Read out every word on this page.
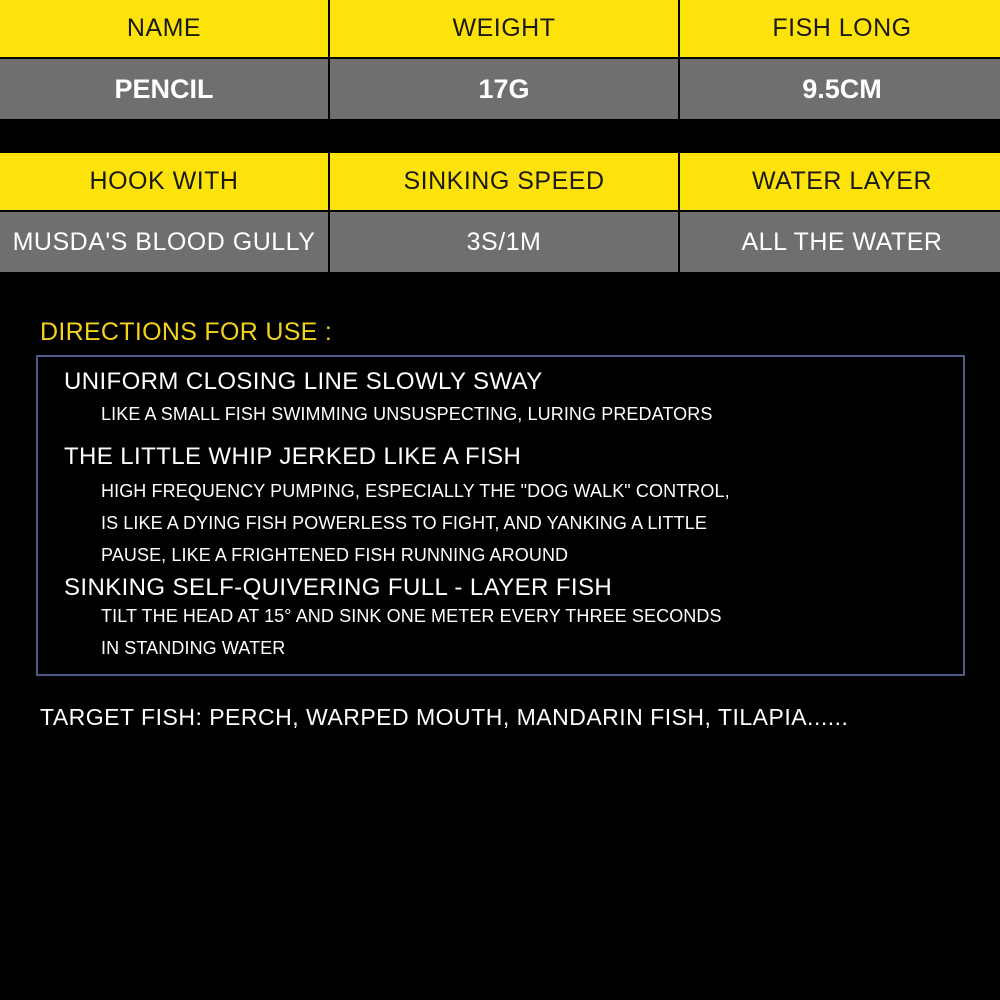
NAME	WEIGHT	FISH LONG
PENCIL	17G	9.5CM
HOOK WITH	SINKING SPEED	WATER LAYER
MUSDA'S BLOOD GULLY	3S/1M	ALL THE WATER
DIRECTIONS FOR USE :
UNIFORM CLOSING LINE SLOWLY SWAY
LIKE A SMALL FISH SWIMMING UNSUSPECTING, LURING PREDATORS
THE LITTLE WHIP JERKED LIKE A FISH
HIGH FREQUENCY PUMPING, ESPECIALLY THE "DOG WALK" CONTROL,
IS LIKE A DYING FISH POWERLESS TO FIGHT, AND YANKING A LITTLE
PAUSE, LIKE A FRIGHTENED FISH RUNNING AROUND
SINKING SELF-QUIVERING FULL - LAYER FISH
TILT THE HEAD AT 15° AND SINK ONE METER EVERY THREE SECONDS
IN STANDING WATER
TARGET FISH: PERCH, WARPED MOUTH, MANDARIN FISH, TILAPIA......
